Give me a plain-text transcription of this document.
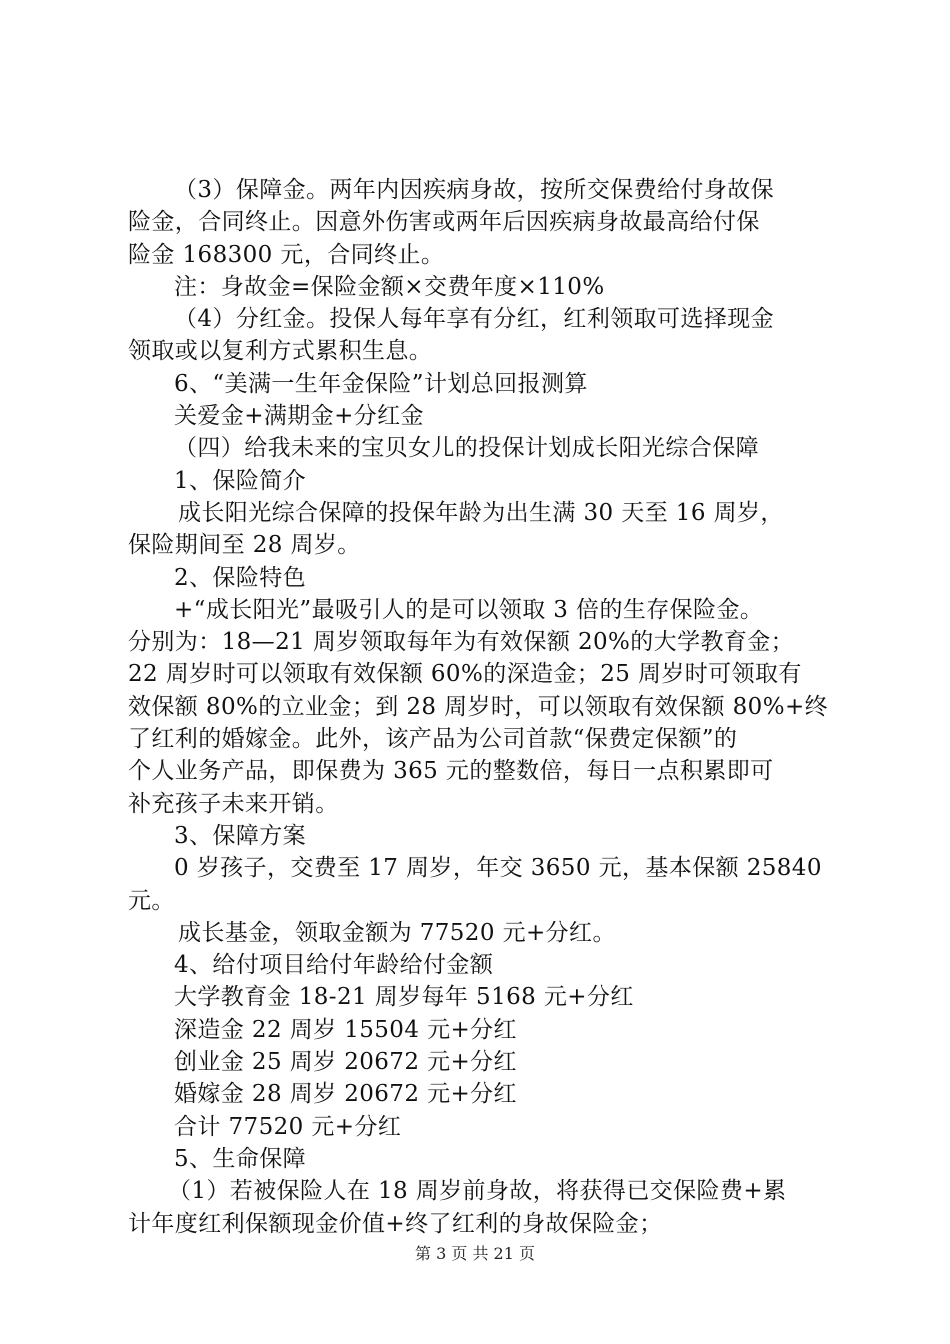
（3）保障金。两年内因疾病身故，按所交保费给付身故保
险金，合同终止。因意外伤害或两年后因疾病身故最高给付保
险金 168300 元，合同终止。
注：身故金=保险金额×交费年度×110%
（4）分红金。投保人每年享有分红，红利领取可选择现金
领取或以复利方式累积生息。
6、“美满一生年金保险”计划总回报测算
关爱金+满期金+分红金
（四）给我未来的宝贝女儿的投保计划成长阳光综合保障
1、保险简介
成长阳光综合保障的投保年龄为出生满 30 天至 16 周岁，
保险期间至 28 周岁。
2、保险特色
+“成长阳光”最吸引人的是可以领取 3 倍的生存保险金。
分别为：18—21 周岁领取每年为有效保额 20%的大学教育金；
22 周岁时可以领取有效保额 60%的深造金；25 周岁时可领取有
效保额 80%的立业金；到 28 周岁时，可以领取有效保额 80%+终
了红利的婚嫁金。此外，该产品为公司首款“保费定保额”的
个人业务产品，即保费为 365 元的整数倍，每日一点积累即可
补充孩子未来开销。
3、保障方案
0 岁孩子，交费至 17 周岁，年交 3650 元，基本保额 25840
元。
成长基金，领取金额为 77520 元+分红。
4、给付项目给付年龄给付金额
大学教育金 18-21 周岁每年 5168 元+分红
深造金 22 周岁 15504 元+分红
创业金 25 周岁 20672 元+分红
婚嫁金 28 周岁 20672 元+分红
合计 77520 元+分红
5、生命保障
（1）若被保险人在 18 周岁前身故，将获得已交保险费+累
计年度红利保额现金价值+终了红利的身故保险金；
第 3 页 共 21 页
